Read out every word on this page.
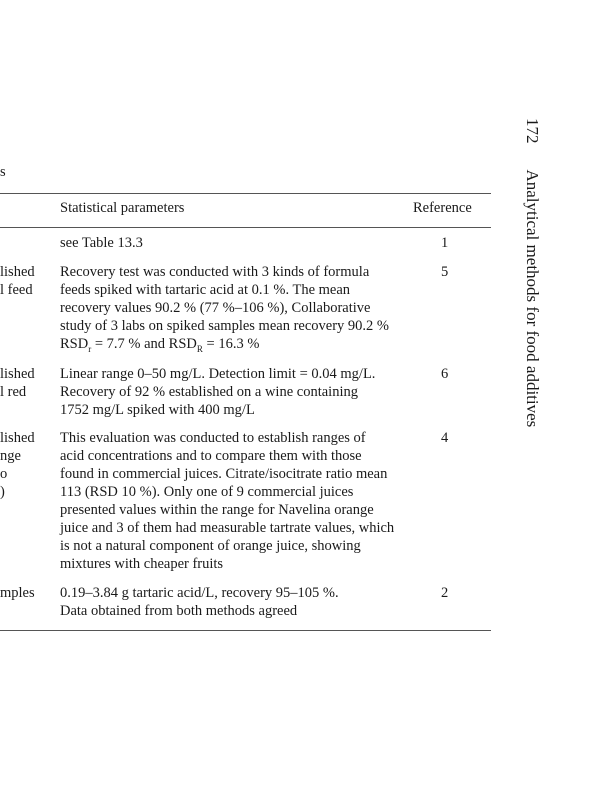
s
Statistical parameters	Reference
see Table 13.3	1
lished
l feed
Recovery test was conducted with 3 kinds of formula
feeds spiked with tartaric acid at 0.1 %. The mean
recovery values 90.2 % (77 %–106 %), Collaborative
study of 3 labs on spiked samples mean recovery 90.2 %
$RSD_r = 7.7$ % and $RSD_R = 16.3$ %
5
lished
l red
Linear range 0–50 mg/L. Detection limit = 0.04 mg/L.
Recovery of 92 % established on a wine containing
1752 mg/L spiked with 400 mg/L
6
lished
nge
o
)
This evaluation was conducted to establish ranges of
acid concentrations and to compare them with those
found in commercial juices. Citrate/isocitrate ratio mean
113 (RSD 10 %). Only one of 9 commercial juices
presented values within the range for Navelina orange
juice and 3 of them had measurable tartrate values, which
is not a natural component of orange juice, showing
mixtures with cheaper fruits
4
mples 0.19–3.84 g tartaric acid/L, recovery 95–105 %.
Data obtained from both methods agreed
2
172Analytical methods for food additives
